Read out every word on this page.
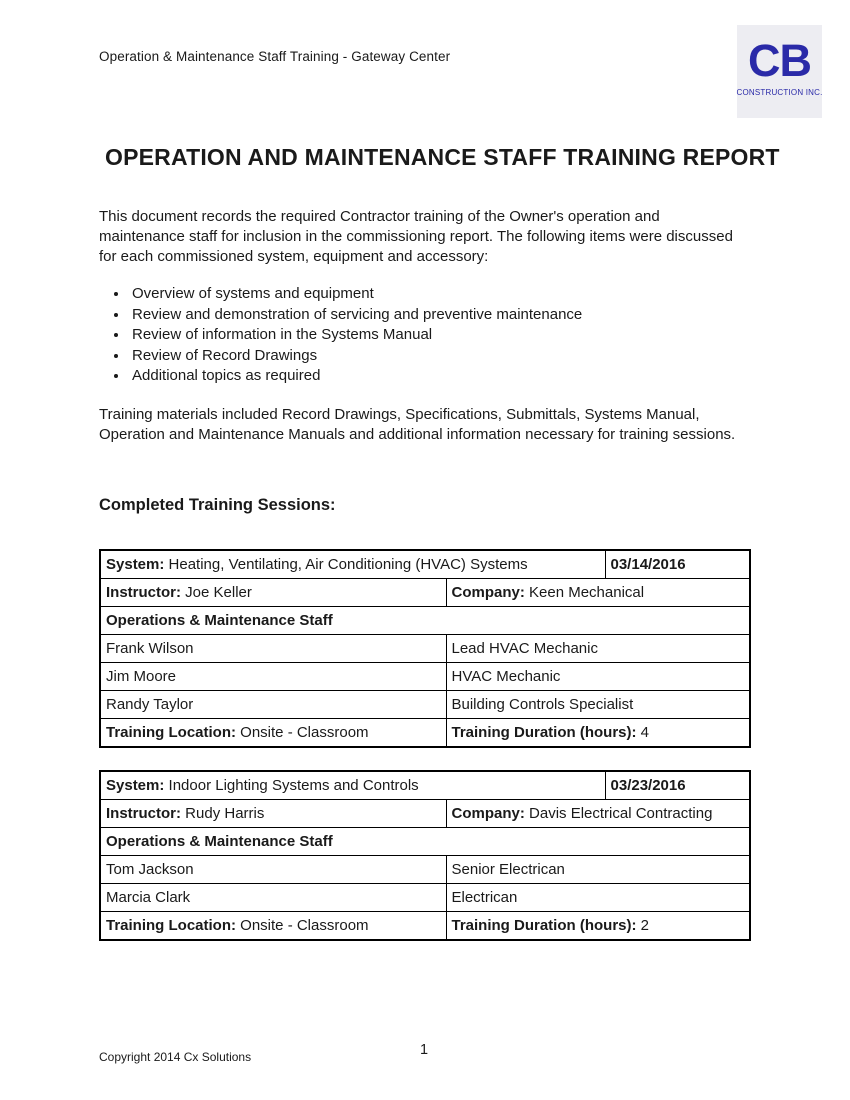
Operation & Maintenance Staff Training - Gateway Center	CB
CONSTRUCTION INC.
OPERATION AND MAINTENANCE STAFF TRAINING REPORT
This document records the required Contractor training of the Owner's operation and maintenance staff for inclusion in the commissioning report. The following items were discussed for each commissioned system, equipment and accessory:
• Overview of systems and equipment
• Review and demonstration of servicing and preventive maintenance
• Review of information in the Systems Manual
• Review of Record Drawings
• Additional topics as required
Training materials included Record Drawings, Specifications, Submittals, Systems Manual, Operation and Maintenance Manuals and additional information necessary for training sessions.
Completed Training Sessions:
System: Heating, Ventilating, Air Conditioning (HVAC) Systems		03/14/2016
Instructor: Joe Keller	Company: Keen Mechanical	
Operations & Maintenance Staff		
Frank Wilson	Lead HVAC Mechanic	
Jim Moore	HVAC Mechanic	
Randy Taylor	Building Controls Specialist	
Training Location: Onsite - Classroom	Training Duration (hours): 4	
System: Indoor Lighting Systems and Controls		03/23/2016
Instructor: Rudy Harris	Company: Davis Electrical Contracting	
Operations & Maintenance Staff		
Tom Jackson	Senior Electrican	
Marcia Clark	Electrican	
Training Location: Onsite - Classroom	Training Duration (hours): 2	
Copyright 2014 Cx Solutions	1
